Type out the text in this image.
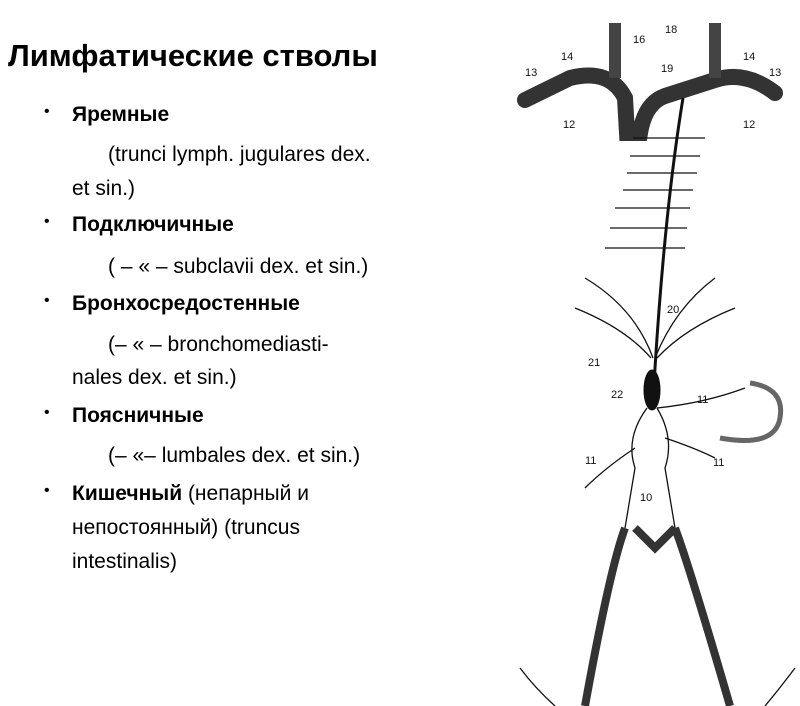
Лимфатические стволы
• Яремные
(trunci lymph. jugulares dex.
et sin.)
• Подключичные
( – « – subclavii dex. et sin.)
• Бронхосредостенные
(– « – bronchomediasti-
nales dex. et sin.)
• Поясничные
(– «– lumbales dex. et sin.)
• Кишечный (непарный и
непостоянный) (truncus
intestinalis)
14
16
13
12
18
19
14
13
12
20
21
22	11
11	11
10
